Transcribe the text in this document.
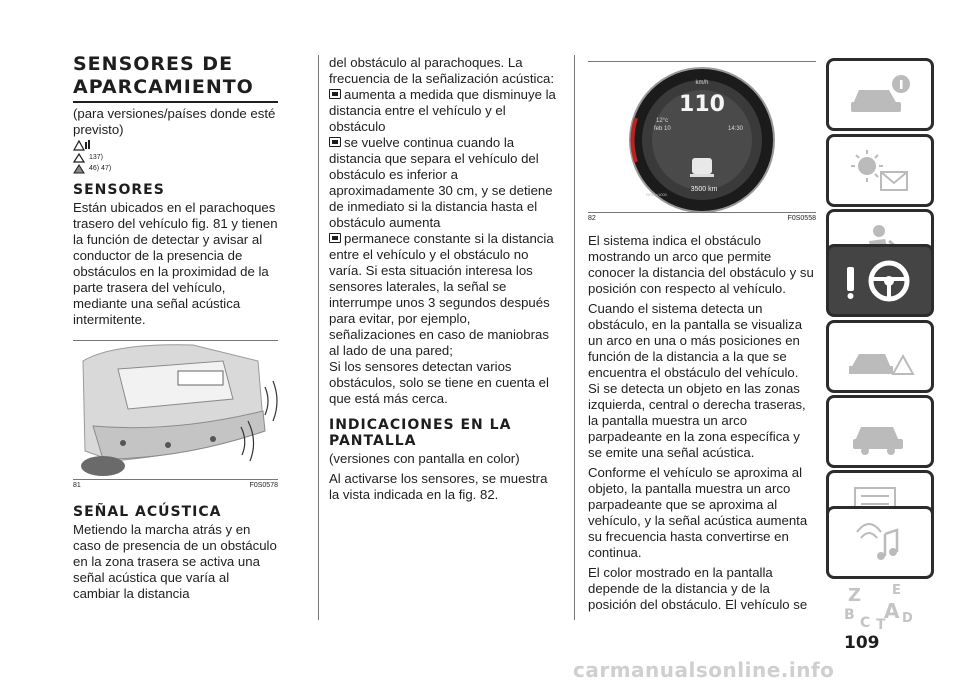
SENSORES DE
APARCAMIENTO

(para versiones/países donde esté previsto)

137)
46) 47)
SENSORES

Están ubicados en el parachoques trasero del vehículo fig. 81 y tienen la función de detectar y avisar al conductor de la presencia de obstáculos en la proximidad de la parte trasera del vehículo, mediante una señal acústica intermitente.

81	F0S0578
SEÑAL ACÚSTICA

Metiendo la marcha atrás y en caso de presencia de un obstáculo en la zona trasera se activa una señal acústica que varía al cambiar la distancia

del obstáculo al parachoques. La frecuencia de la señalización acústica:

aumenta a medida que disminuye la distancia entre el vehículo y el obstáculo

se vuelve continua cuando la distancia que separa el vehículo del obstáculo es inferior a aproximadamente 30 cm, y se detiene de inmediato si la distancia hasta el obstáculo aumenta

permanece constante si la distancia entre el vehículo y el obstáculo no varía. Si esta situación interesa los sensores laterales, la señal se interrumpe unos 3 segundos después para evitar, por ejemplo, señalizaciones en caso de maniobras al lado de una pared;

Si los sensores detectan varios obstáculos, solo se tiene en cuenta el que está más cerca.

INDICACIONES EN LA PANTALLA

(versiones con pantalla en color)

Al activarse los sensores, se muestra la vista indicada en la fig. 82.

110
km/h
12°c
feb 10	14:30
3500 km
RPM x1000
82	F0S0558

El sistema indica el obstáculo mostrando un arco que permite conocer la distancia del obstáculo y su posición con respecto al vehículo.

Cuando el sistema detecta un obstáculo, en la pantalla se visualiza un arco en una o más posiciones en función de la distancia a la que se encuentra el obstáculo del vehículo.

Si se detecta un objeto en las zonas izquierda, central o derecha traseras, la pantalla muestra un arco parpadeante en la zona específica y se emite una señal acústica.

Conforme el vehículo se aproxima al objeto, la pantalla muestra un arco parpadeante que se aproxima al vehículo, y la señal acústica aumenta su frecuencia hasta convertirse en continua.

El color mostrado en la pantalla depende de la distancia y de la posición del obstáculo. El vehículo se	Z E
B A
C T D
109
carmanualsonline.info
